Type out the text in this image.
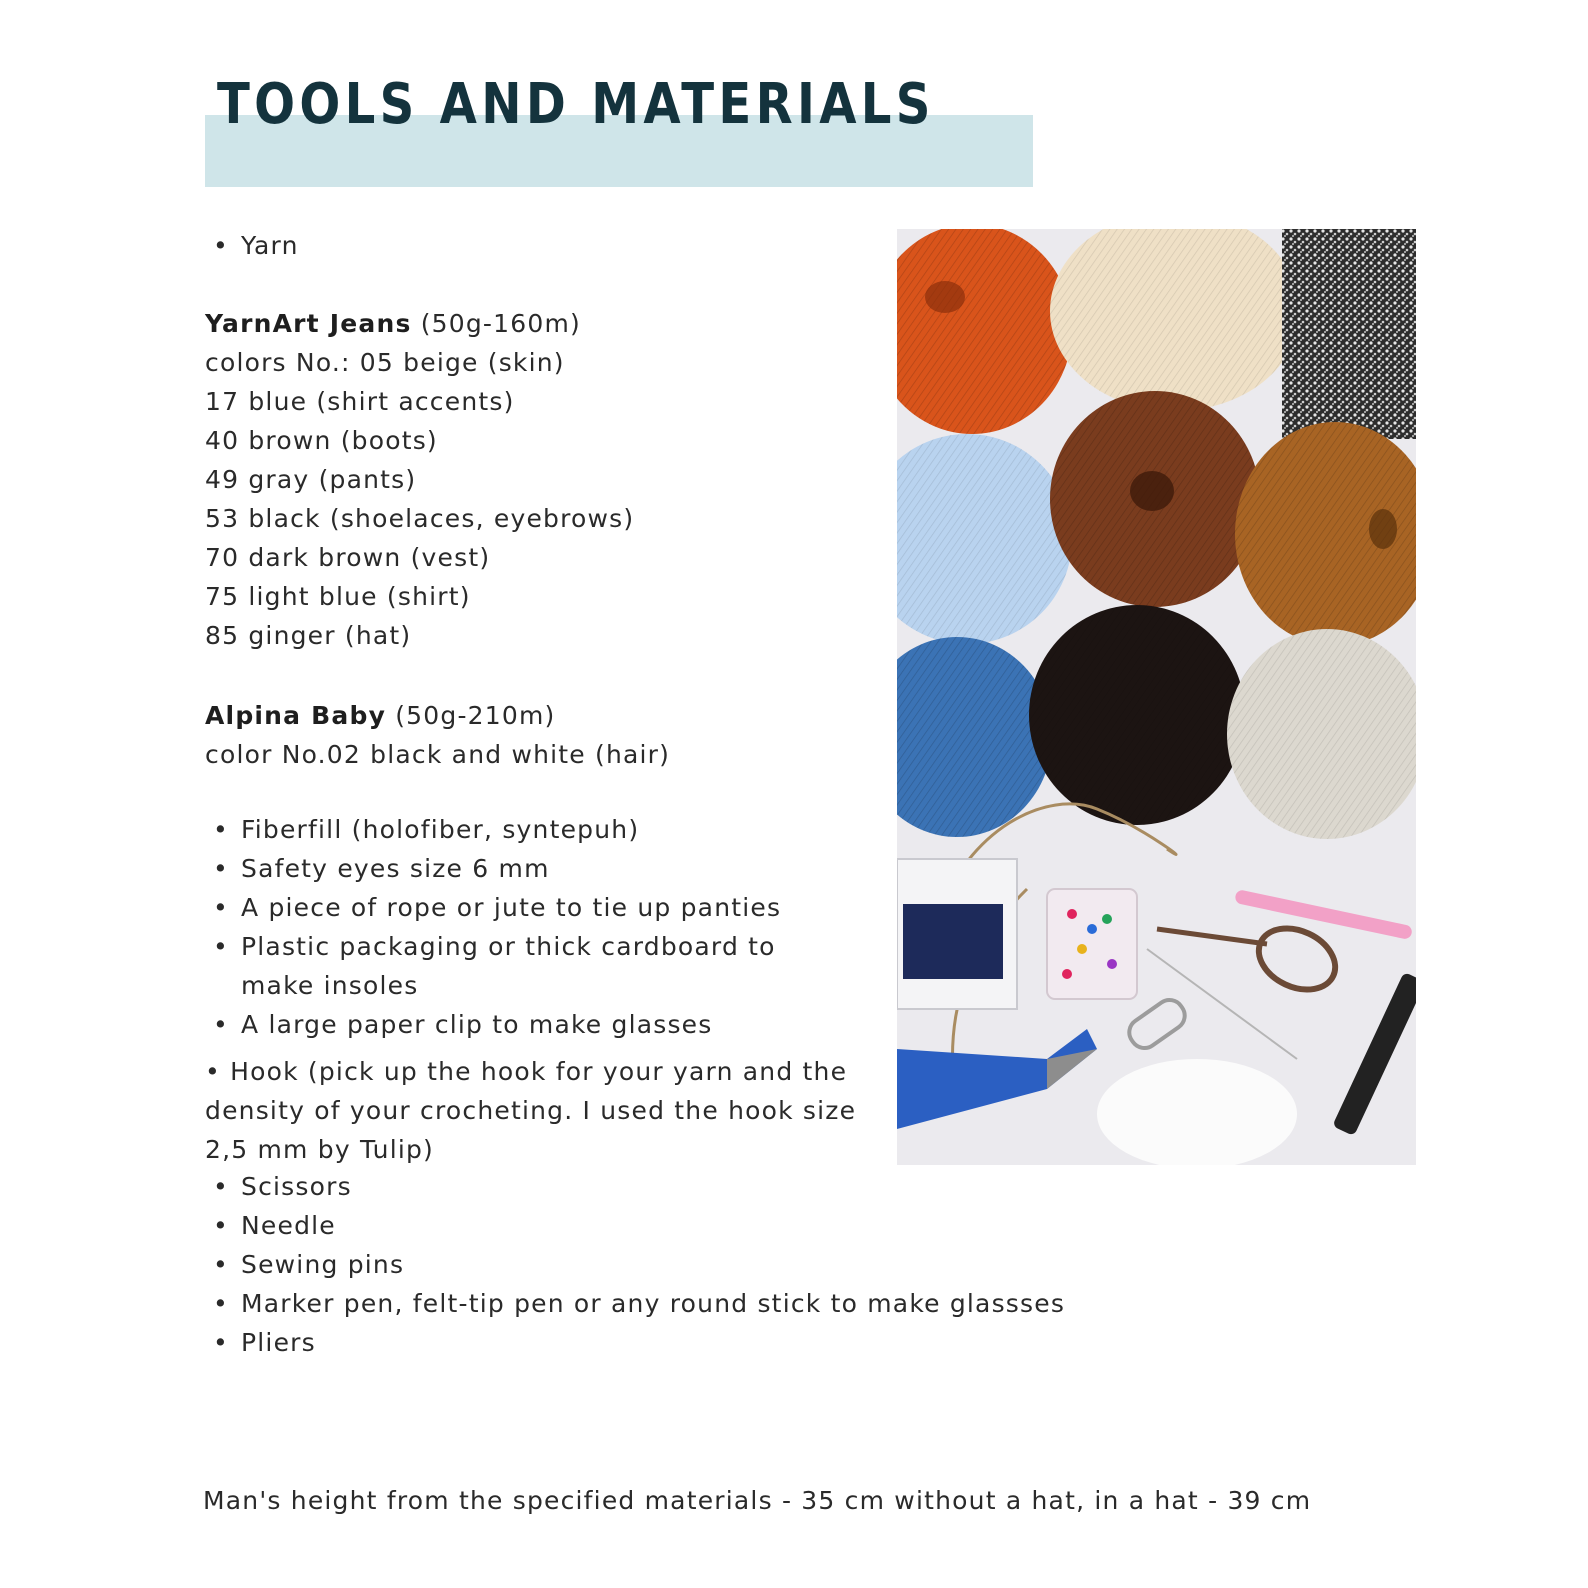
TOOLS AND MATERIALS
• Yarn
YarnArt Jeans (50g-160m)
colors No.: 05 beige (skin)
17 blue (shirt accents)
40 brown (boots)
49 gray (pants)
53 black (shoelaces, eyebrows)
70 dark brown (vest)
75 light blue (shirt)
85 ginger (hat)
Alpina Baby (50g-210m)
color No.02 black and white (hair)
• Fiberfill (holofiber, syntepuh)
• Safety eyes size 6 mm
• A piece of rope or jute to tie up panties
• Plastic packaging or thick cardboard to make insoles
• A large paper clip to make glasses
• Hook (pick up the hook for your yarn and the density of your crocheting. I used the hook size 2,5 mm by Tulip)
• Scissors
• Needle
• Sewing pins
• Marker pen, felt-tip pen or any round stick to make glassses
• Pliers
Man's height from the specified materials - 35 cm without a hat, in a hat - 39 cm
